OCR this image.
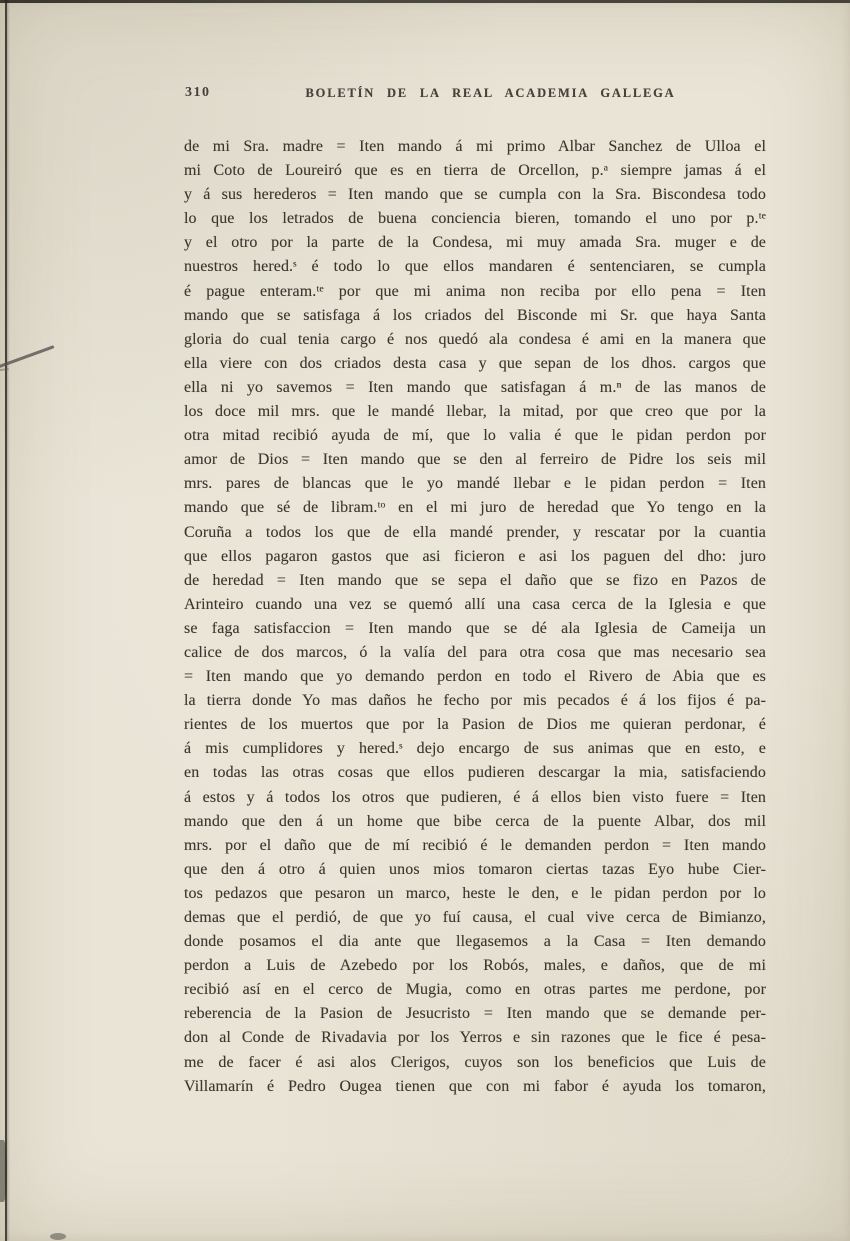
310	BOLETÍN DE LA REAL ACADEMIA GALLEGA
de mi Sra. madre = Iten mando á mi primo Albar Sanchez de Ulloa el
mi Coto de Loureiró que es en tierra de Orcellon, p.ᵃ siempre jamas á el
y á sus herederos = Iten mando que se cumpla con la Sra. Biscondesa todo
lo que los letrados de buena conciencia bieren, tomando el uno por p.ᵗᵉ
y el otro por la parte de la Condesa, mi muy amada Sra. muger e de
nuestros hered.ˢ é todo lo que ellos mandaren é sentenciaren, se cumpla
é pague enteram.ᵗᵉ por que mi anima non reciba por ello pena = Iten
mando que se satisfaga á los criados del Bisconde mi Sr. que haya Santa
gloria do cual tenia cargo é nos quedó ala condesa é ami en la manera que
ella viere con dos criados desta casa y que sepan de los dhos. cargos que
ella ni yo savemos = Iten mando que satisfagan á m.ⁿ de las manos de
los doce mil mrs. que le mandé llebar, la mitad, por que creo que por la
otra mitad recibió ayuda de mí, que lo valia é que le pidan perdon por
amor de Dios = Iten mando que se den al ferreiro de Pidre los seis mil
mrs. pares de blancas que le yo mandé llebar e le pidan perdon = Iten
mando que sé de libram.ᵗᵒ en el mi juro de heredad que Yo tengo en la
Coruña a todos los que de ella mandé prender, y rescatar por la cuantia
que ellos pagaron gastos que asi ficieron e asi los paguen del dho: juro
de heredad = Iten mando que se sepa el daño que se fizo en Pazos de
Arinteiro cuando una vez se quemó allí una casa cerca de la Iglesia e que
se faga satisfaccion = Iten mando que se dé ala Iglesia de Cameija un
calice de dos marcos, ó la valía del para otra cosa que mas necesario sea
= Iten mando que yo demando perdon en todo el Rivero de Abia que es
la tierra donde Yo mas daños he fecho por mis pecados é á los fijos é pa-
rientes de los muertos que por la Pasion de Dios me quieran perdonar, é
á mis cumplidores y hered.ˢ dejo encargo de sus animas que en esto, e
en todas las otras cosas que ellos pudieren descargar la mia, satisfaciendo
á estos y á todos los otros que pudieren, é á ellos bien visto fuere = Iten
mando que den á un home que bibe cerca de la puente Albar, dos mil
mrs. por el daño que de mí recibió é le demanden perdon = Iten mando
que den á otro á quien unos mios tomaron ciertas tazas Eyo hube Cier-
tos pedazos que pesaron un marco, heste le den, e le pidan perdon por lo
demas que el perdió, de que yo fuí causa, el cual vive cerca de Bimianzo,
donde posamos el dia ante que llegasemos a la Casa = Iten demando
perdon a Luis de Azebedo por los Robós, males, e daños, que de mi
recibió así en el cerco de Mugia, como en otras partes me perdone, por
reberencia de la Pasion de Jesucristo = Iten mando que se demande per-
don al Conde de Rivadavia por los Yerros e sin razones que le fice é pesa-
me de facer é asi alos Clerigos, cuyos son los beneficios que Luis de
Villamarín é Pedro Ougea tienen que con mi fabor é ayuda los tomaron,
